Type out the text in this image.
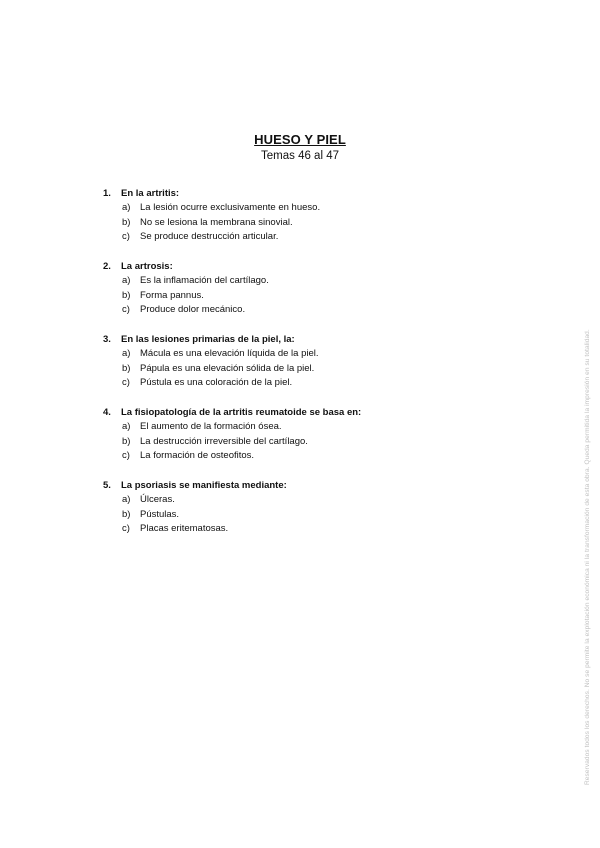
HUESO Y PIEL
Temas 46 al 47
1. En la artritis:
a) La lesión ocurre exclusivamente en hueso.
b) No se lesiona la membrana sinovial.
c) Se produce destrucción articular.
2. La artrosis:
a) Es la inflamación del cartílago.
b) Forma pannus.
c) Produce dolor mecánico.
3. En las lesiones primarias de la piel, la:
a) Mácula es una elevación líquida de la piel.
b) Pápula es una elevación sólida de la piel.
c) Pústula es una coloración de la piel.
4. La fisiopatología de la artritis reumatoide se basa en:
a) El aumento de la formación ósea.
b) La destrucción irreversible del cartílago.
c) La formación de osteofitos.
5. La psoriasis se manifiesta mediante:
a) Úlceras.
b) Pústulas.
c) Placas eritematosas.	Reservados todos los derechos. No se permite la explotación económica ni la transformación de esta obra. Queda permitida la impresión en su totalidad.
